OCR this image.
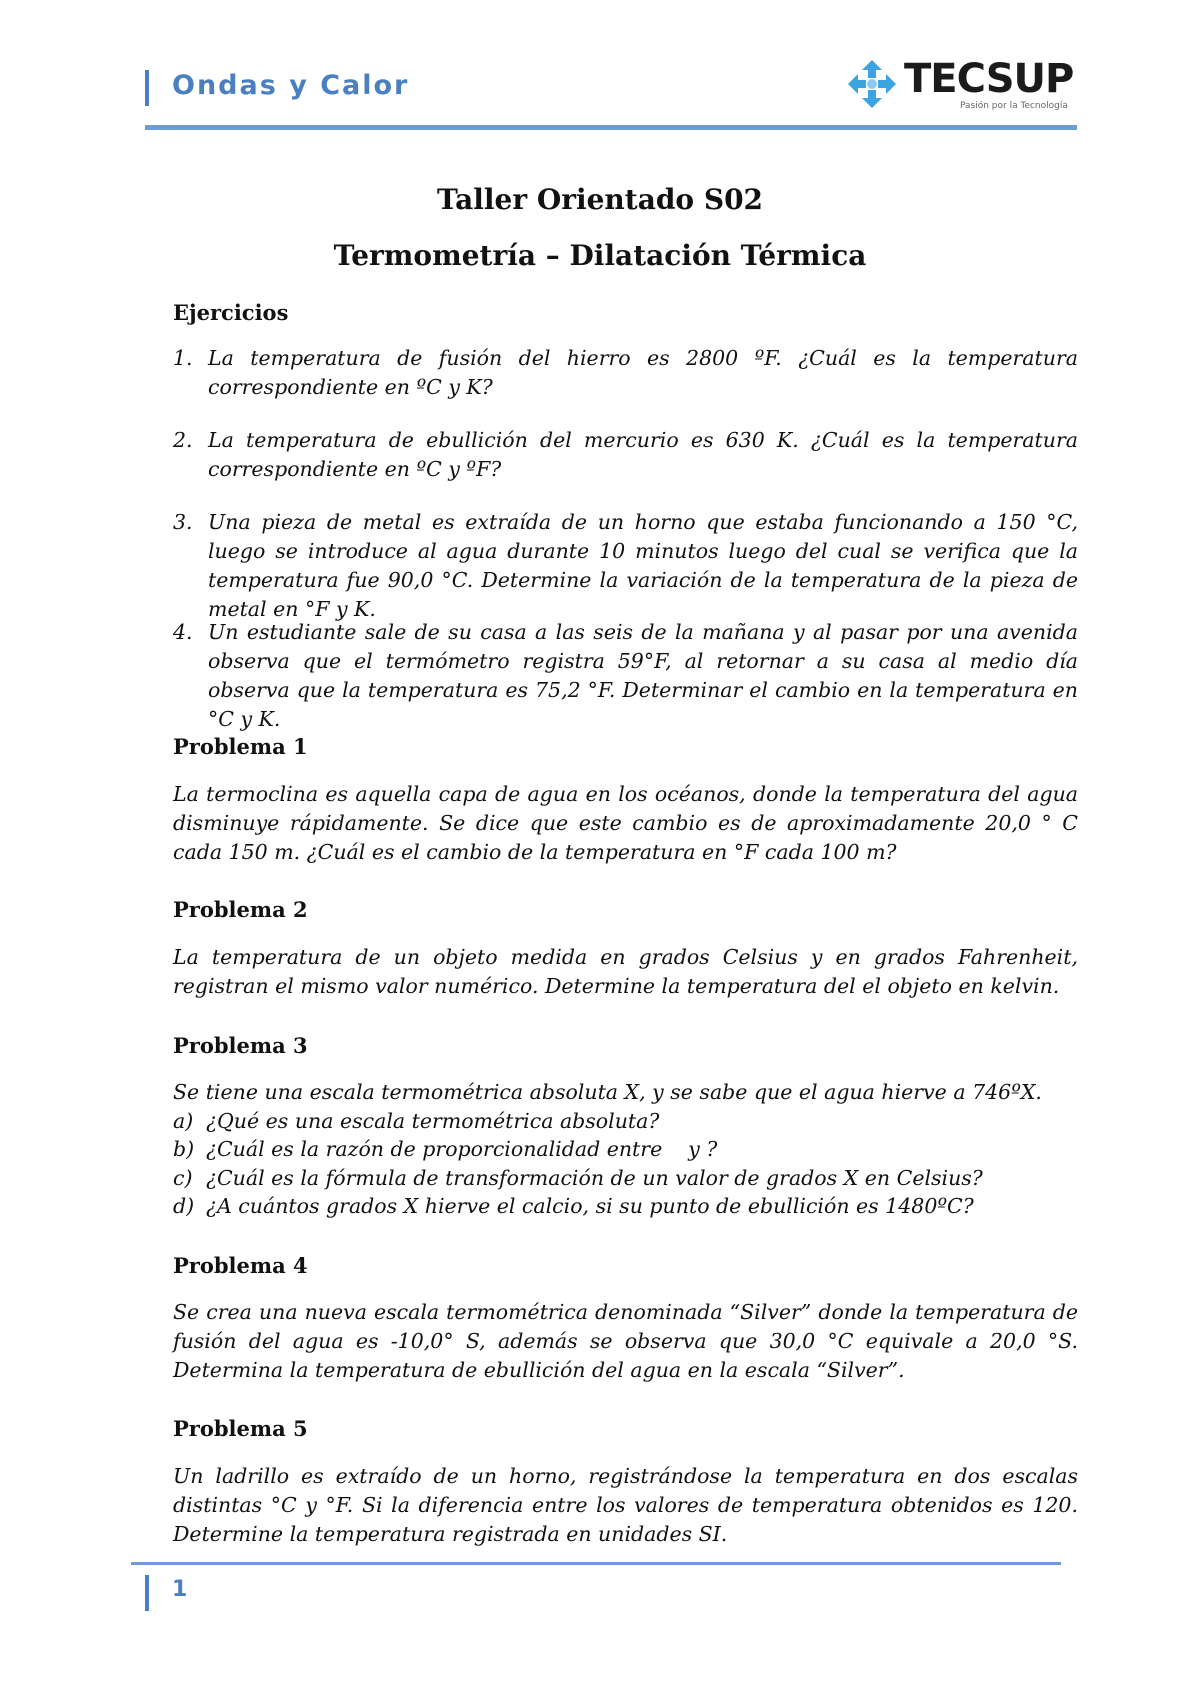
Ondas y Calor	TECSUP
Pasión por la Tecnología
Taller Orientado S02
Termometría – Dilatación Térmica
Ejercicios
1. La temperatura de fusión del hierro es 2800 ºF. ¿Cuál es la temperatura correspondiente en ºC y K?
2. La temperatura de ebullición del mercurio es 630 K. ¿Cuál es la temperatura correspondiente en ºC y ºF?
3. Una pieza de metal es extraída de un horno que estaba funcionando a 150 °C, luego se introduce al agua durante 10 minutos luego del cual se verifica que la temperatura fue 90,0 °C. Determine la variación de la temperatura de la pieza de metal en °F y K.
4. Un estudiante sale de su casa a las seis de la mañana y al pasar por una avenida observa que el termómetro registra 59°F, al retornar a su casa al medio día observa que la temperatura es 75,2 °F. Determinar el cambio en la temperatura en °C y K.
Problema 1
La termoclina es aquella capa de agua en los océanos, donde la temperatura del agua disminuye rápidamente. Se dice que este cambio es de aproximadamente 20,0 ° C cada 150 m. ¿Cuál es el cambio de la temperatura en °F cada 100 m?
Problema 2
La temperatura de un objeto medida en grados Celsius y en grados Fahrenheit, registran el mismo valor numérico. Determine la temperatura del el objeto en kelvin.
Problema 3
Se tiene una escala termométrica absoluta X, y se sabe que el agua hierve a 746ºX.
a) ¿Qué es una escala termométrica absoluta?
b) ¿Cuál es la razón de proporcionalidad entre    y ?
c) ¿Cuál es la fórmula de transformación de un valor de grados X en Celsius?
d) ¿A cuántos grados X hierve el calcio, si su punto de ebullición es 1480ºC?
Problema 4
Se crea una nueva escala termométrica denominada “Silver” donde la temperatura de fusión del agua es -10,0° S, además se observa que 30,0 °C equivale a 20,0 °S. Determina la temperatura de ebullición del agua en la escala “Silver”.
Problema 5
Un ladrillo es extraído de un horno, registrándose la temperatura en dos escalas distintas °C y °F. Si la diferencia entre los valores de temperatura obtenidos es 120. Determine la temperatura registrada en unidades SI.
1
